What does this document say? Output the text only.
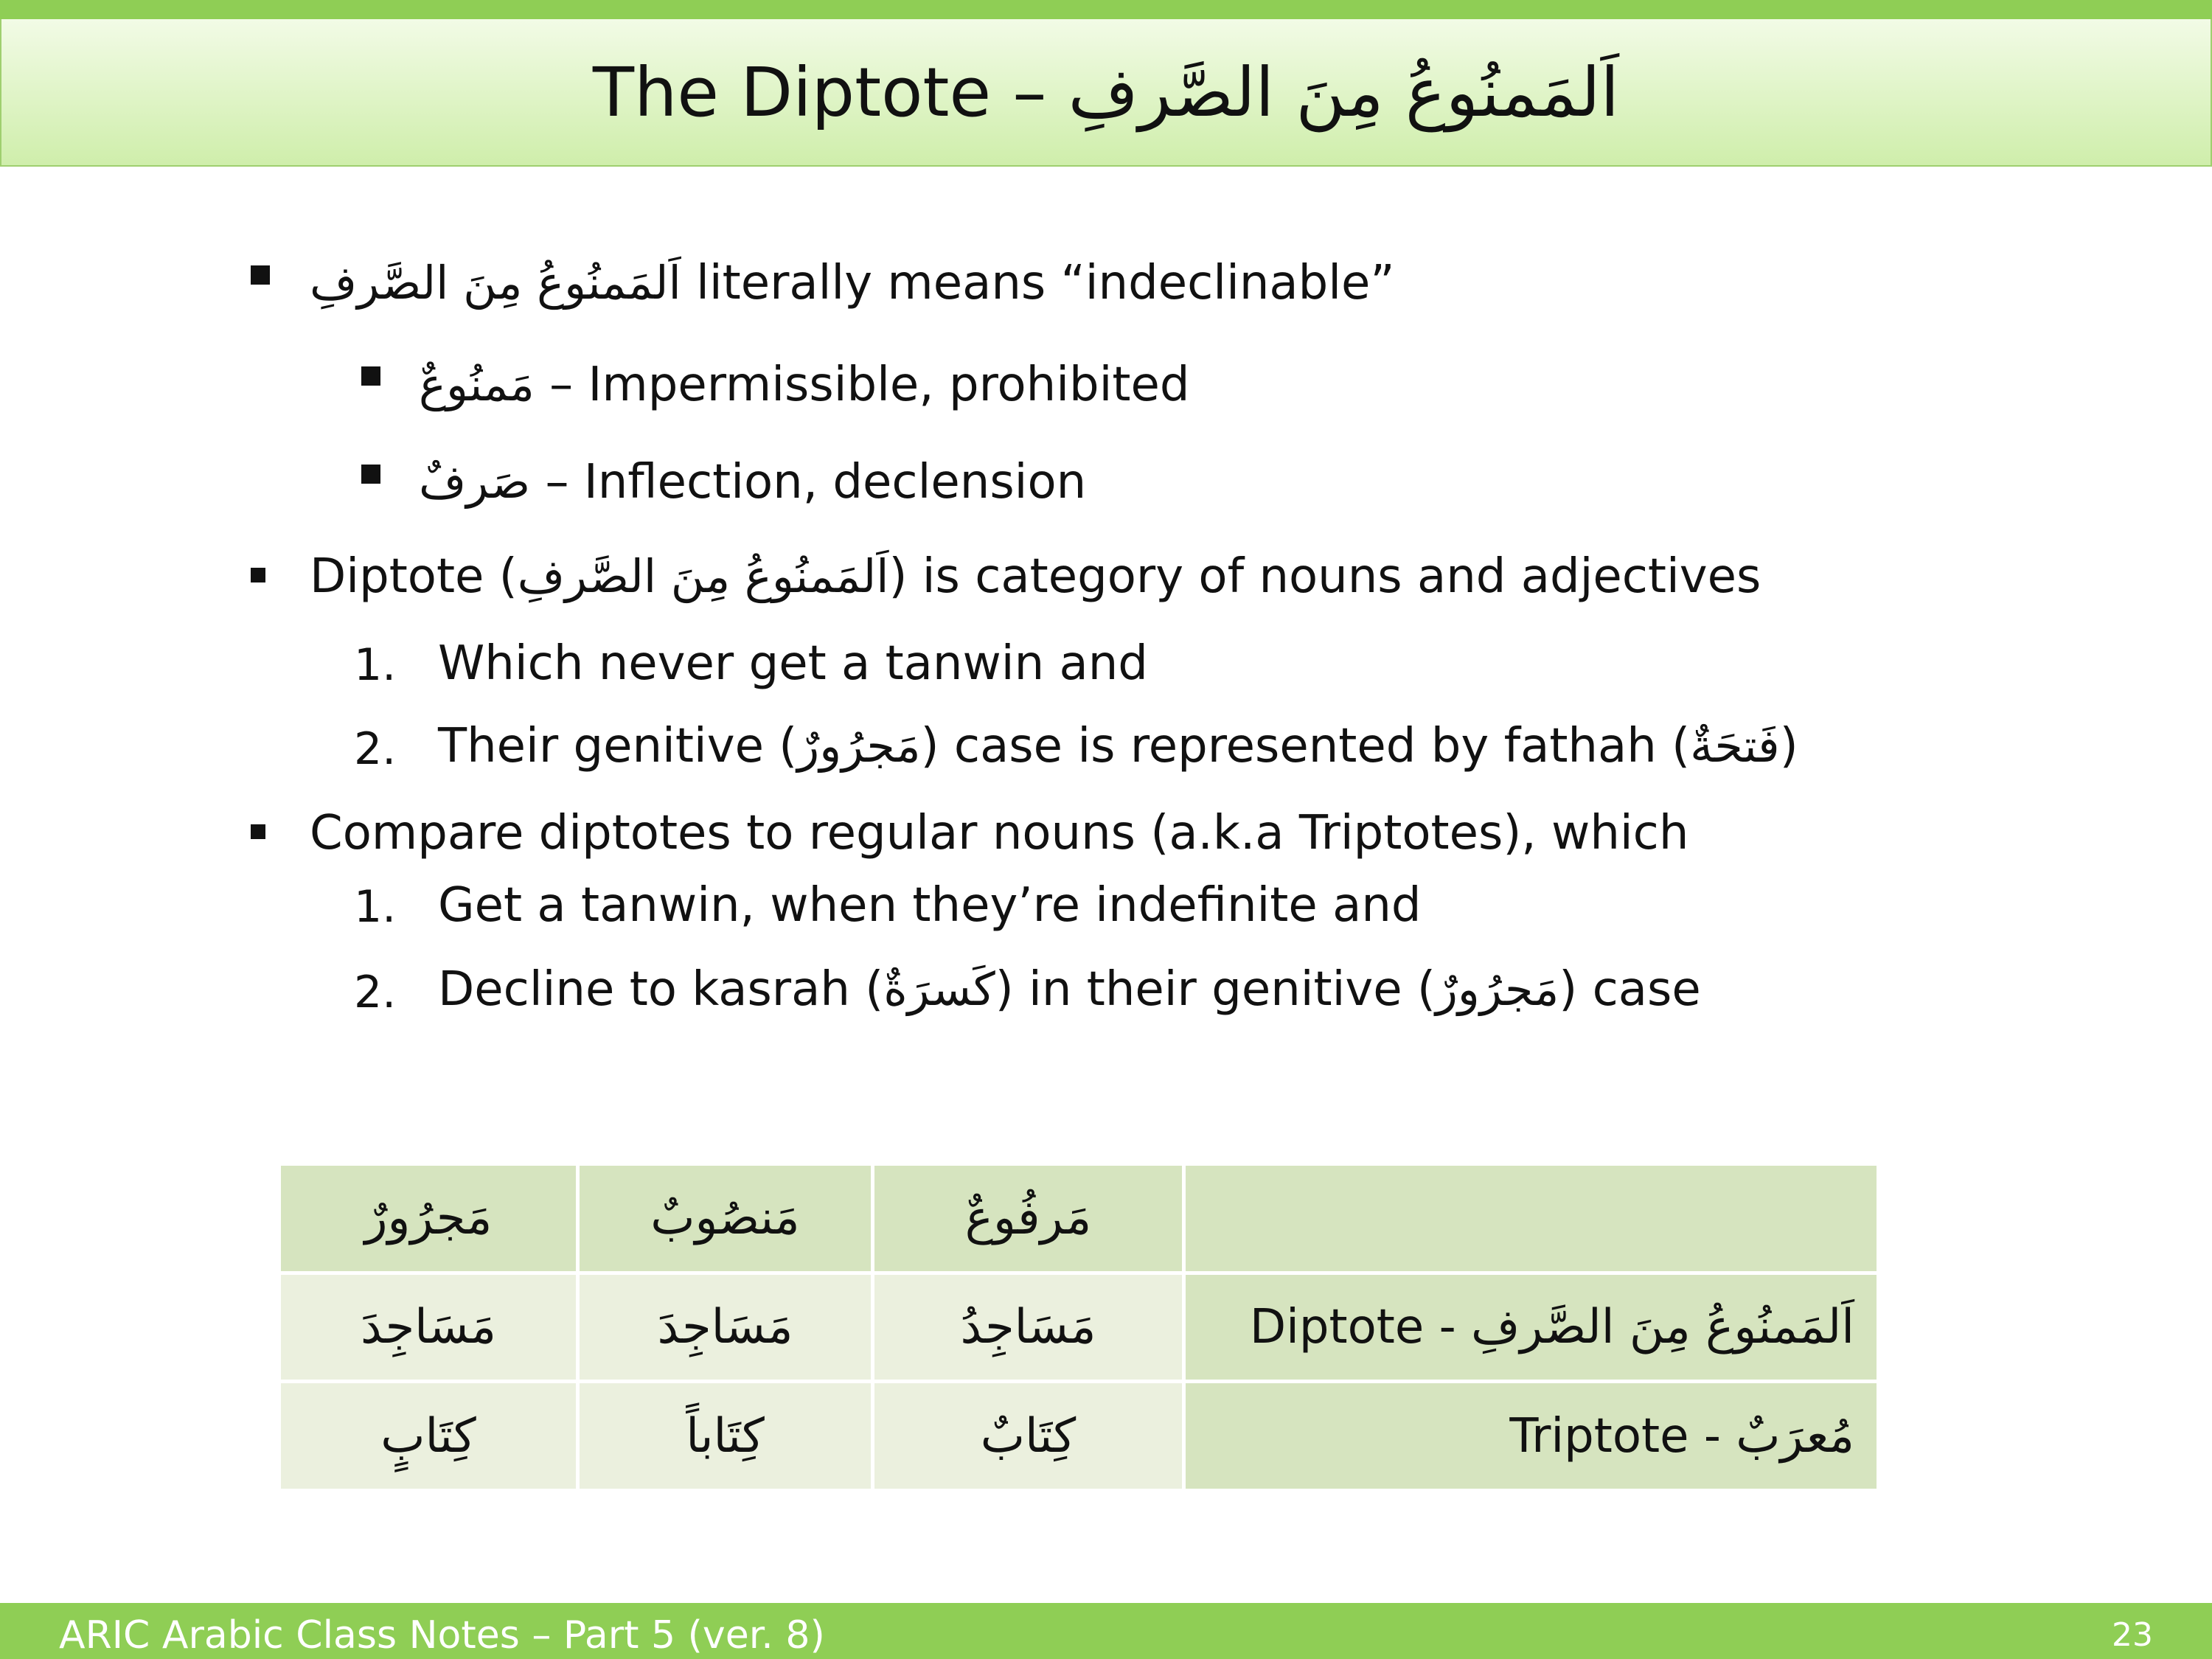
The Diptote – اَلمَمنُوعُ مِنَ الصَّرفِ
اَلمَمنُوعُ مِنَ الصَّرفِ literally means “indeclinable”
مَمنُوعٌ – Impermissible, prohibited
صَرفٌ – Inflection, declension
Diptote (اَلمَمنُوعُ مِنَ الصَّرفِ) is category of nouns and adjectives
1. Which never get a tanwin and
2. Their genitive (مَجرُورٌ) case is represented by fathah (فَتحَةٌ)
Compare diptotes to regular nouns (a.k.a Triptotes), which
1. Get a tanwin, when they’re indefinite and
2. Decline to kasrah (كَسرَةٌ) in their genitive (مَجرُورٌ) case
مَجرُورٌ	مَنصُوبٌ	مَرفُوعٌ	
مَسَاجِدَ	مَسَاجِدَ	مَسَاجِدُ	Diptote - اَلمَمنُوعُ مِنَ الصَّرفِ
كِتَابٍ	كِتَاباً	كِتَابٌ	Triptote - مُعرَبٌ
ARIC Arabic Class Notes – Part 5 (ver. 8)	23
